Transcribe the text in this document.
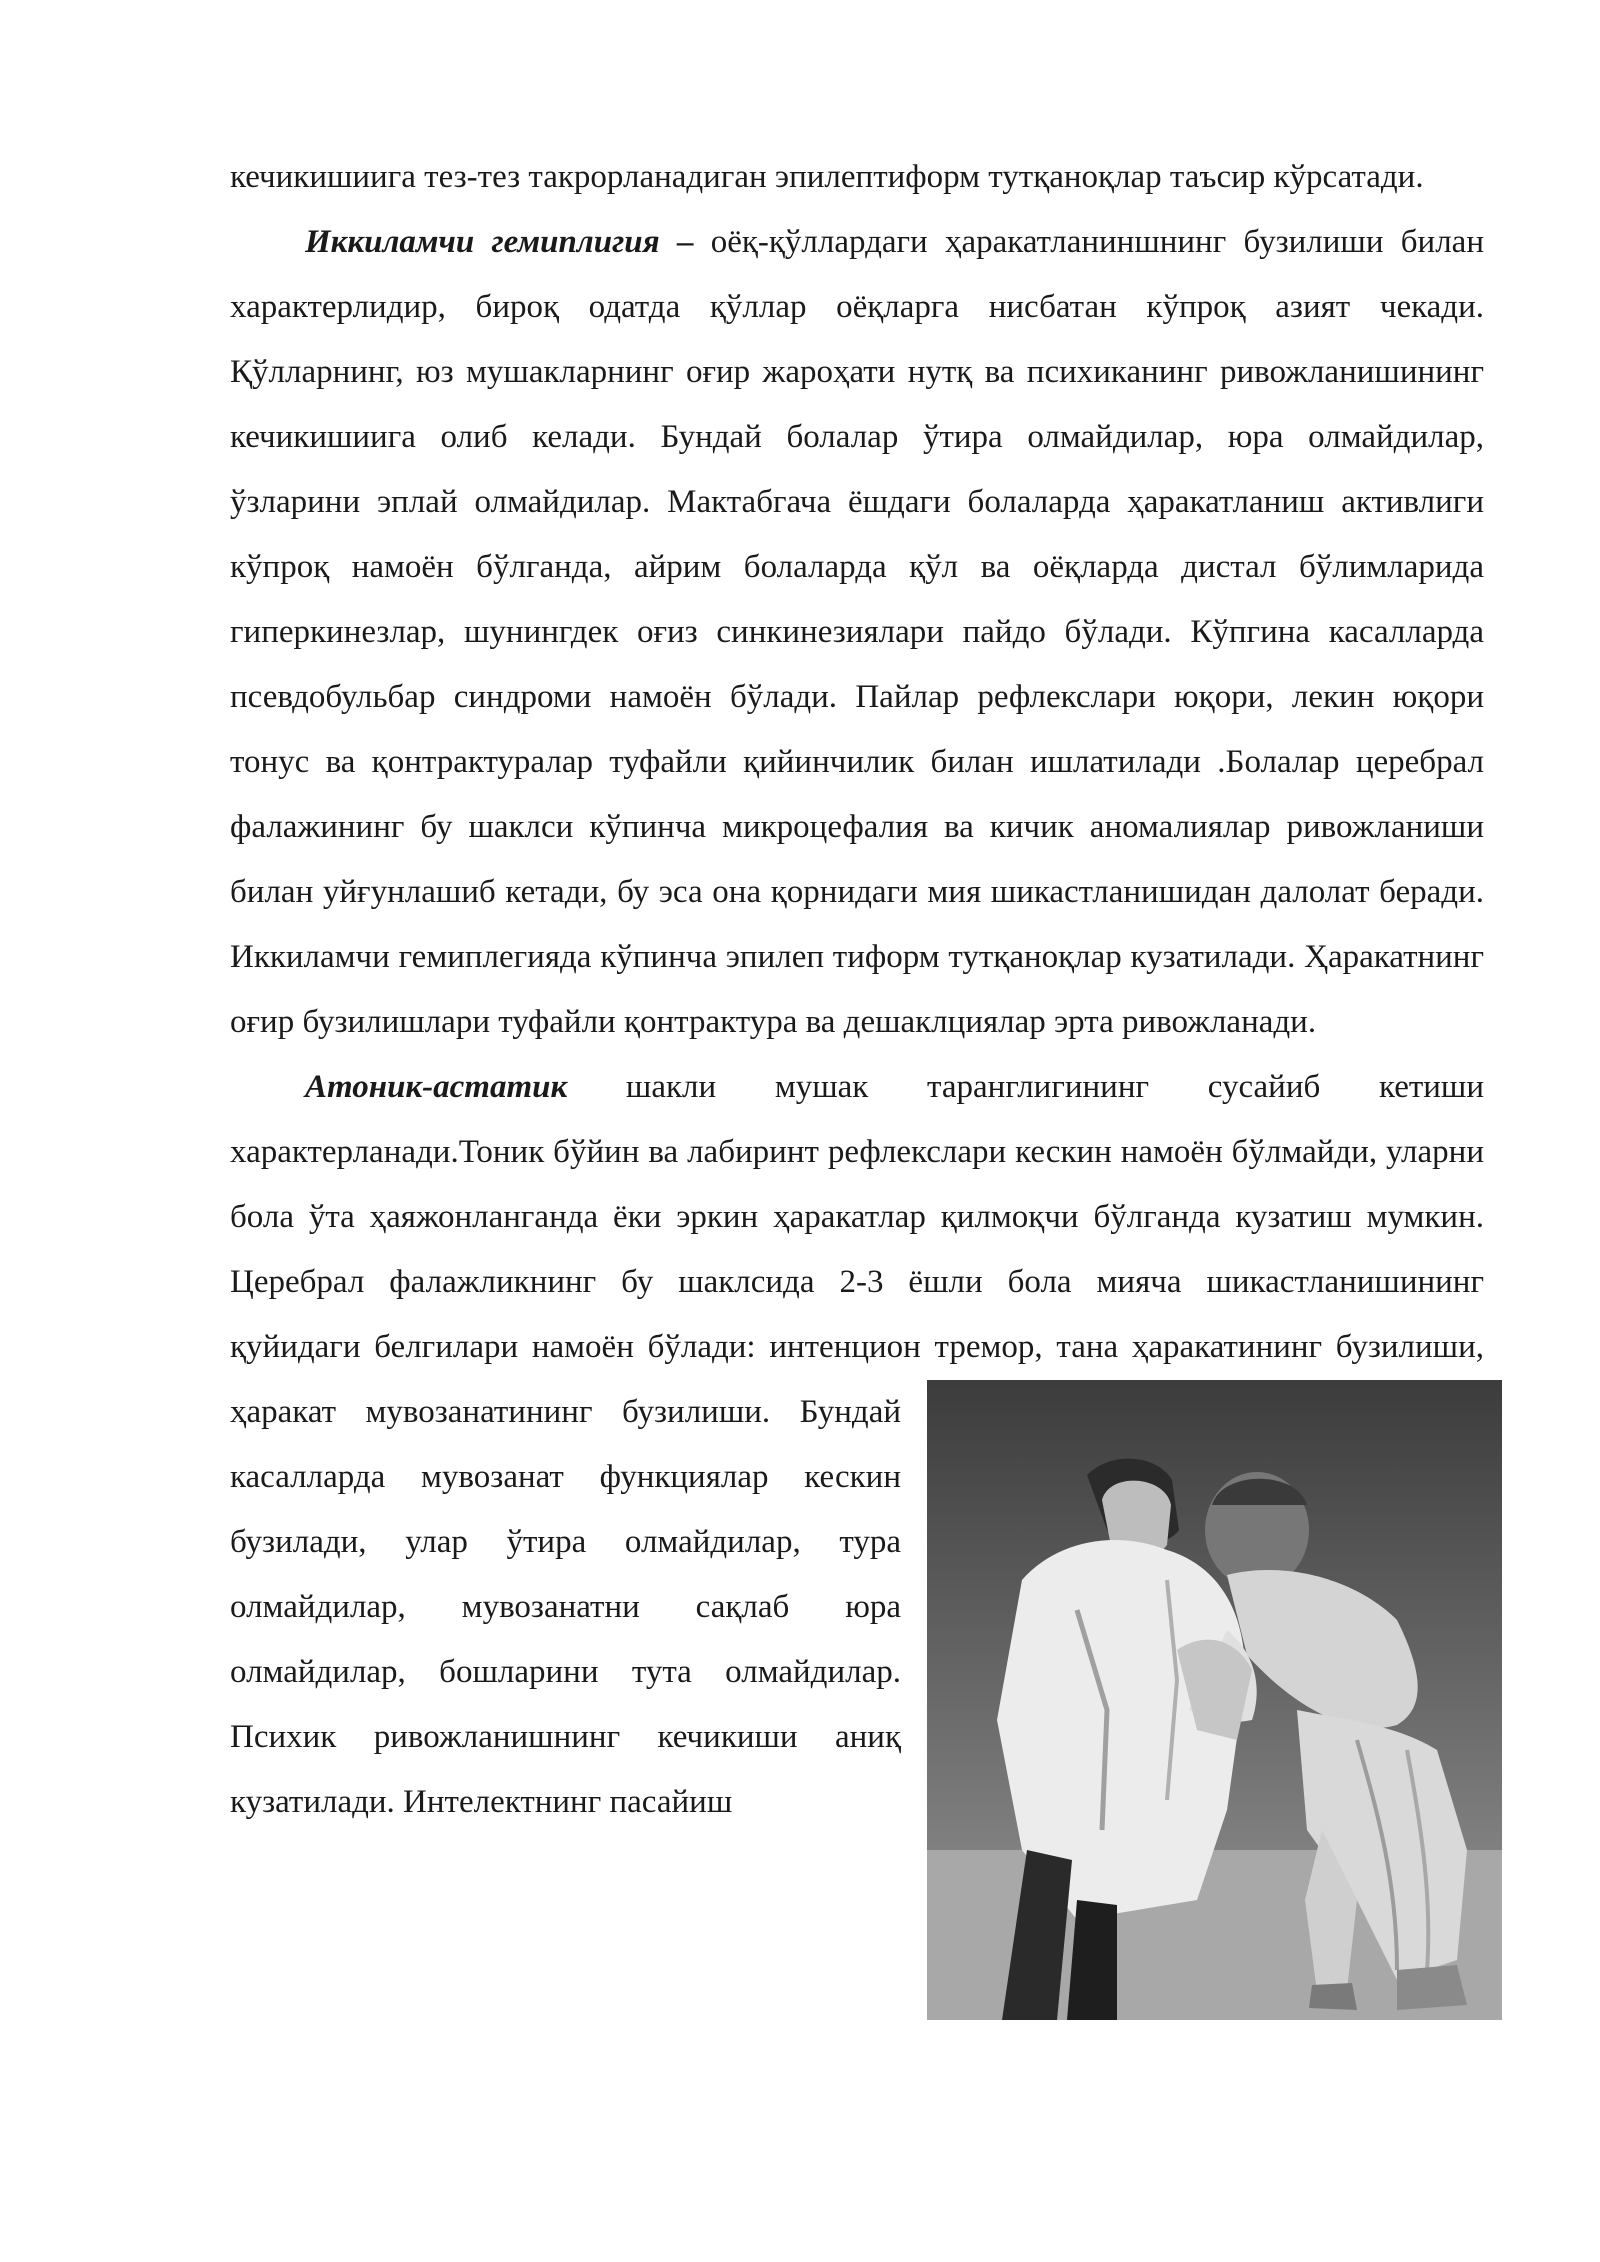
кечикишиига тез-тез такрорланадиган эпилептиформ тутқаноқлар таъсир кўрсатади.

Иккиламчи гемиплигия – оёқ-қўллардаги ҳаракатланиншнинг бузилиши билан характерлидир, бироқ одатда қўллар оёқларга нисбатан кўпроқ азият чекади. Қўлларнинг, юз мушакларнинг оғир жароҳати нутқ ва психиканинг ривожланишининг кечикишиига олиб келади. Бундай болалар ўтира олмайдилар, юра олмайдилар, ўзларини эплай олмайдилар. Мактабгача ёшдаги болаларда ҳаракатланиш активлиги кўпроқ намоён бўлганда, айрим болаларда қўл ва оёқларда дистал бўлимларида гиперкинезлар, шунингдек оғиз синкинезиялари пайдо бўлади. Кўпгина касалларда псевдобульбар синдроми намоён бўлади. Пайлар рефлекслари юқори, лекин юқори тонус ва қонтрактуралар туфайли қийинчилик билан ишлатилади .Болалар церебрал фалажининг бу шаклси кўпинча микроцефалия ва кичик аномалиялар ривожланиши билан уйғунлашиб кетади, бу эса она қорнидаги мия шикастланишидан далолат беради. Иккиламчи гемиплегияда кўпинча эпилеп тиформ тутқаноқлар кузатилади. Ҳаракатнинг оғир бузилишлари туфайли қонтрактура ва дешаклциялар эрта ривожланади.

Атоник-астатик шакли мушак таранглигининг сусайиб кетиши характерланади.Тоник бўйин ва лабиринт рефлекслари кескин намоён бўлмайди, уларни бола ўта ҳаяжонланганда ёки эркин ҳаракатлар қилмоқчи бўлганда кузатиш мумкин. Церебрал фалажликнинг бу шаклсида 2-3 ёшли бола мияча шикастланишининг қуйидаги белгилари намоён бўлади: интенцион тремор, тана ҳаракатининг бузилиши, ҳаракат мувозанатининг
бузилиши. Бундай касалларда мувозанат функциялар кескин бузилади, улар ўтира олмайдилар, тура олмайдилар, мувозанатни сақлаб юра олмайдилар, бошларини тута олмайдилар. Психик ривожланишнинг кечикиши аниқ кузатилади. Интелектнинг пасайиш
